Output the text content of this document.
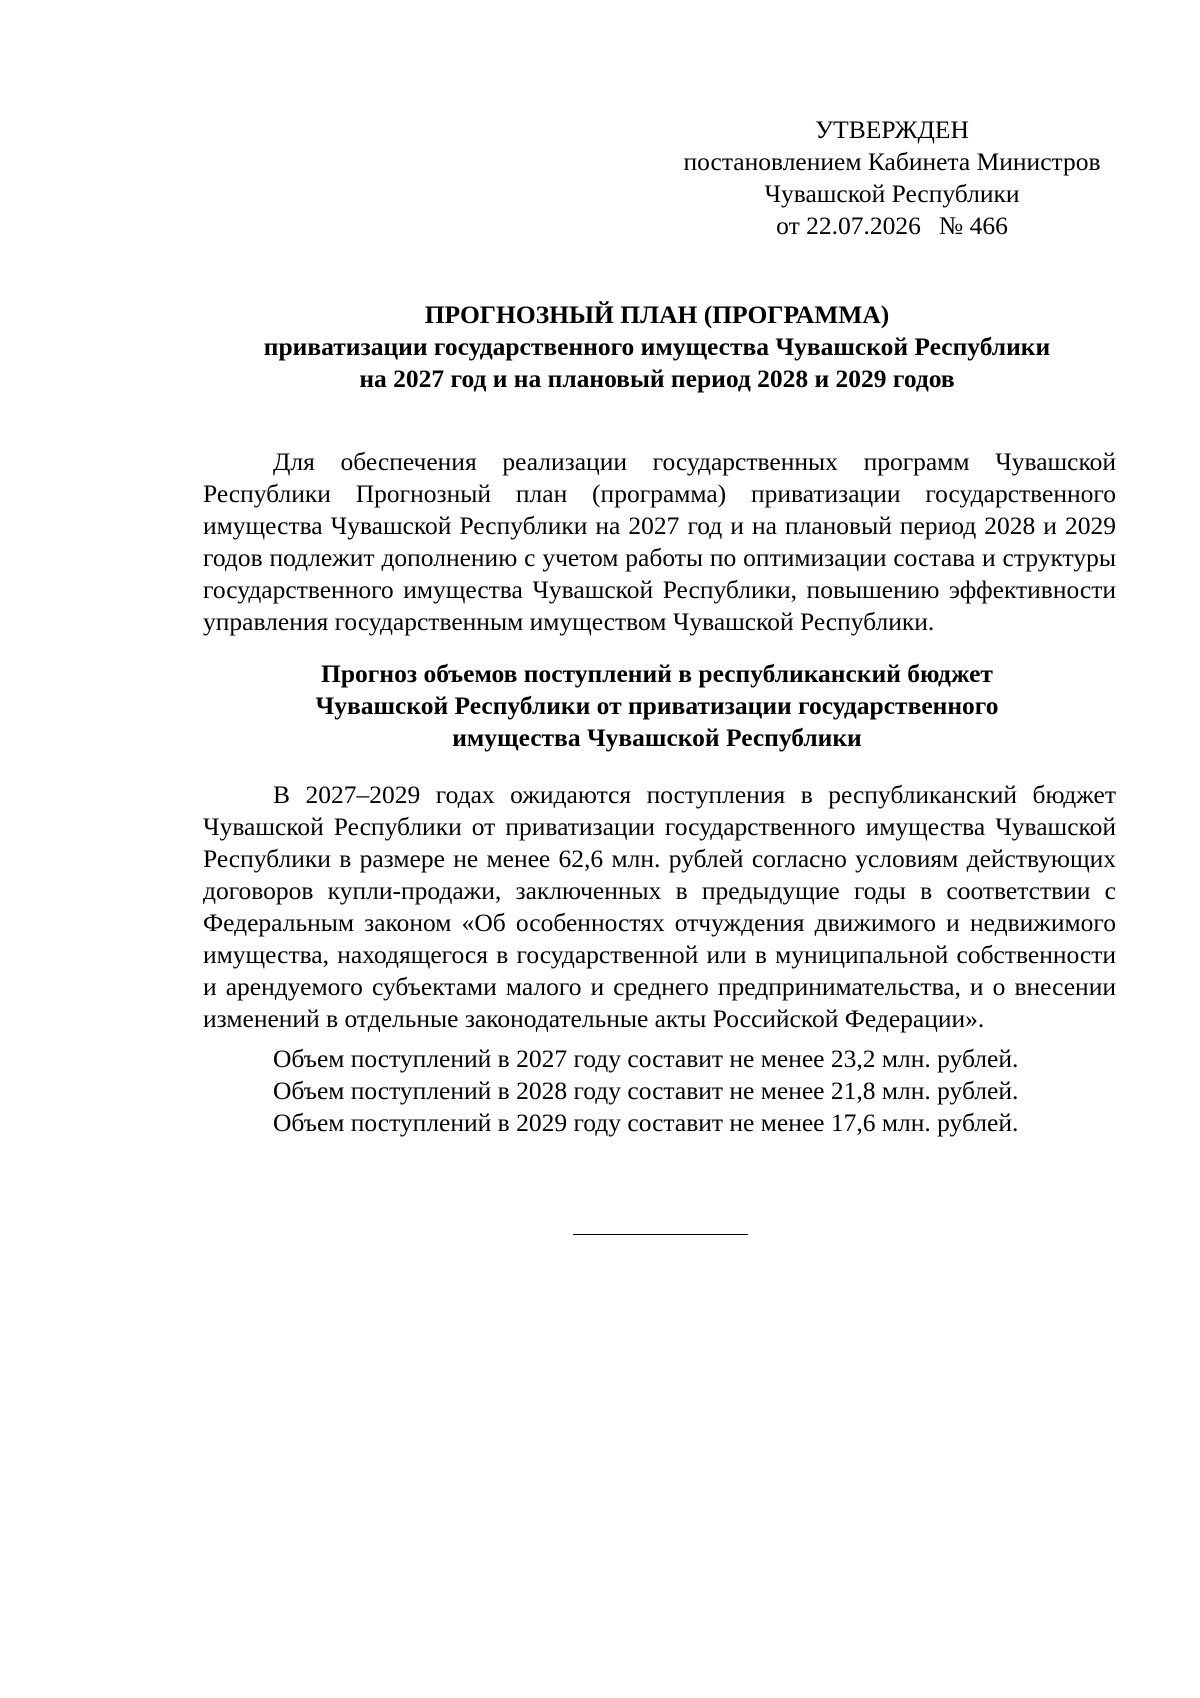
УТВЕРЖДЕН
постановлением Кабинета Министров
Чувашской Республики
от 22.07.2026 № 466
ПРОГНОЗНЫЙ ПЛАН (ПРОГРАММА)
приватизации государственного имущества Чувашской Республики
на 2027 год и на плановый период 2028 и 2029 годов

Для обеспечения реализации государственных программ Чувашской Республики Прогнозный план (программа) приватизации государственного имущества Чувашской Республики на 2027 год и на плановый период 2028 и 2029 годов подлежит дополнению с учетом работы по оптимизации состава и структуры государственного имущества Чувашской Республики, повышению эффективности управления государственным имуществом Чувашской Республики.

Прогноз объемов поступлений в республиканский бюджет
Чувашской Республики от приватизации государственного
имущества Чувашской Республики

В 2027–2029 годах ожидаются поступления в республиканский бюджет Чувашской Республики от приватизации государственного имущества Чувашской Республики в размере не менее 62,6 млн. рублей согласно условиям действующих договоров купли-продажи, заключенных в предыдущие годы в соответствии с Федеральным законом «Об особенностях отчуждения движимого и недвижимого имущества, находящегося в государственной или в муниципальной собственности и арендуемого субъектами малого и среднего предпринимательства, и о внесении изменений в отдельные законодательные акты Российской Федерации».

Объем поступлений в 2027 году составит не менее 23,2 млн. рублей.
Объем поступлений в 2028 году составит не менее 21,8 млн. рублей.
Объем поступлений в 2029 году составит не менее 17,6 млн. рублей.
